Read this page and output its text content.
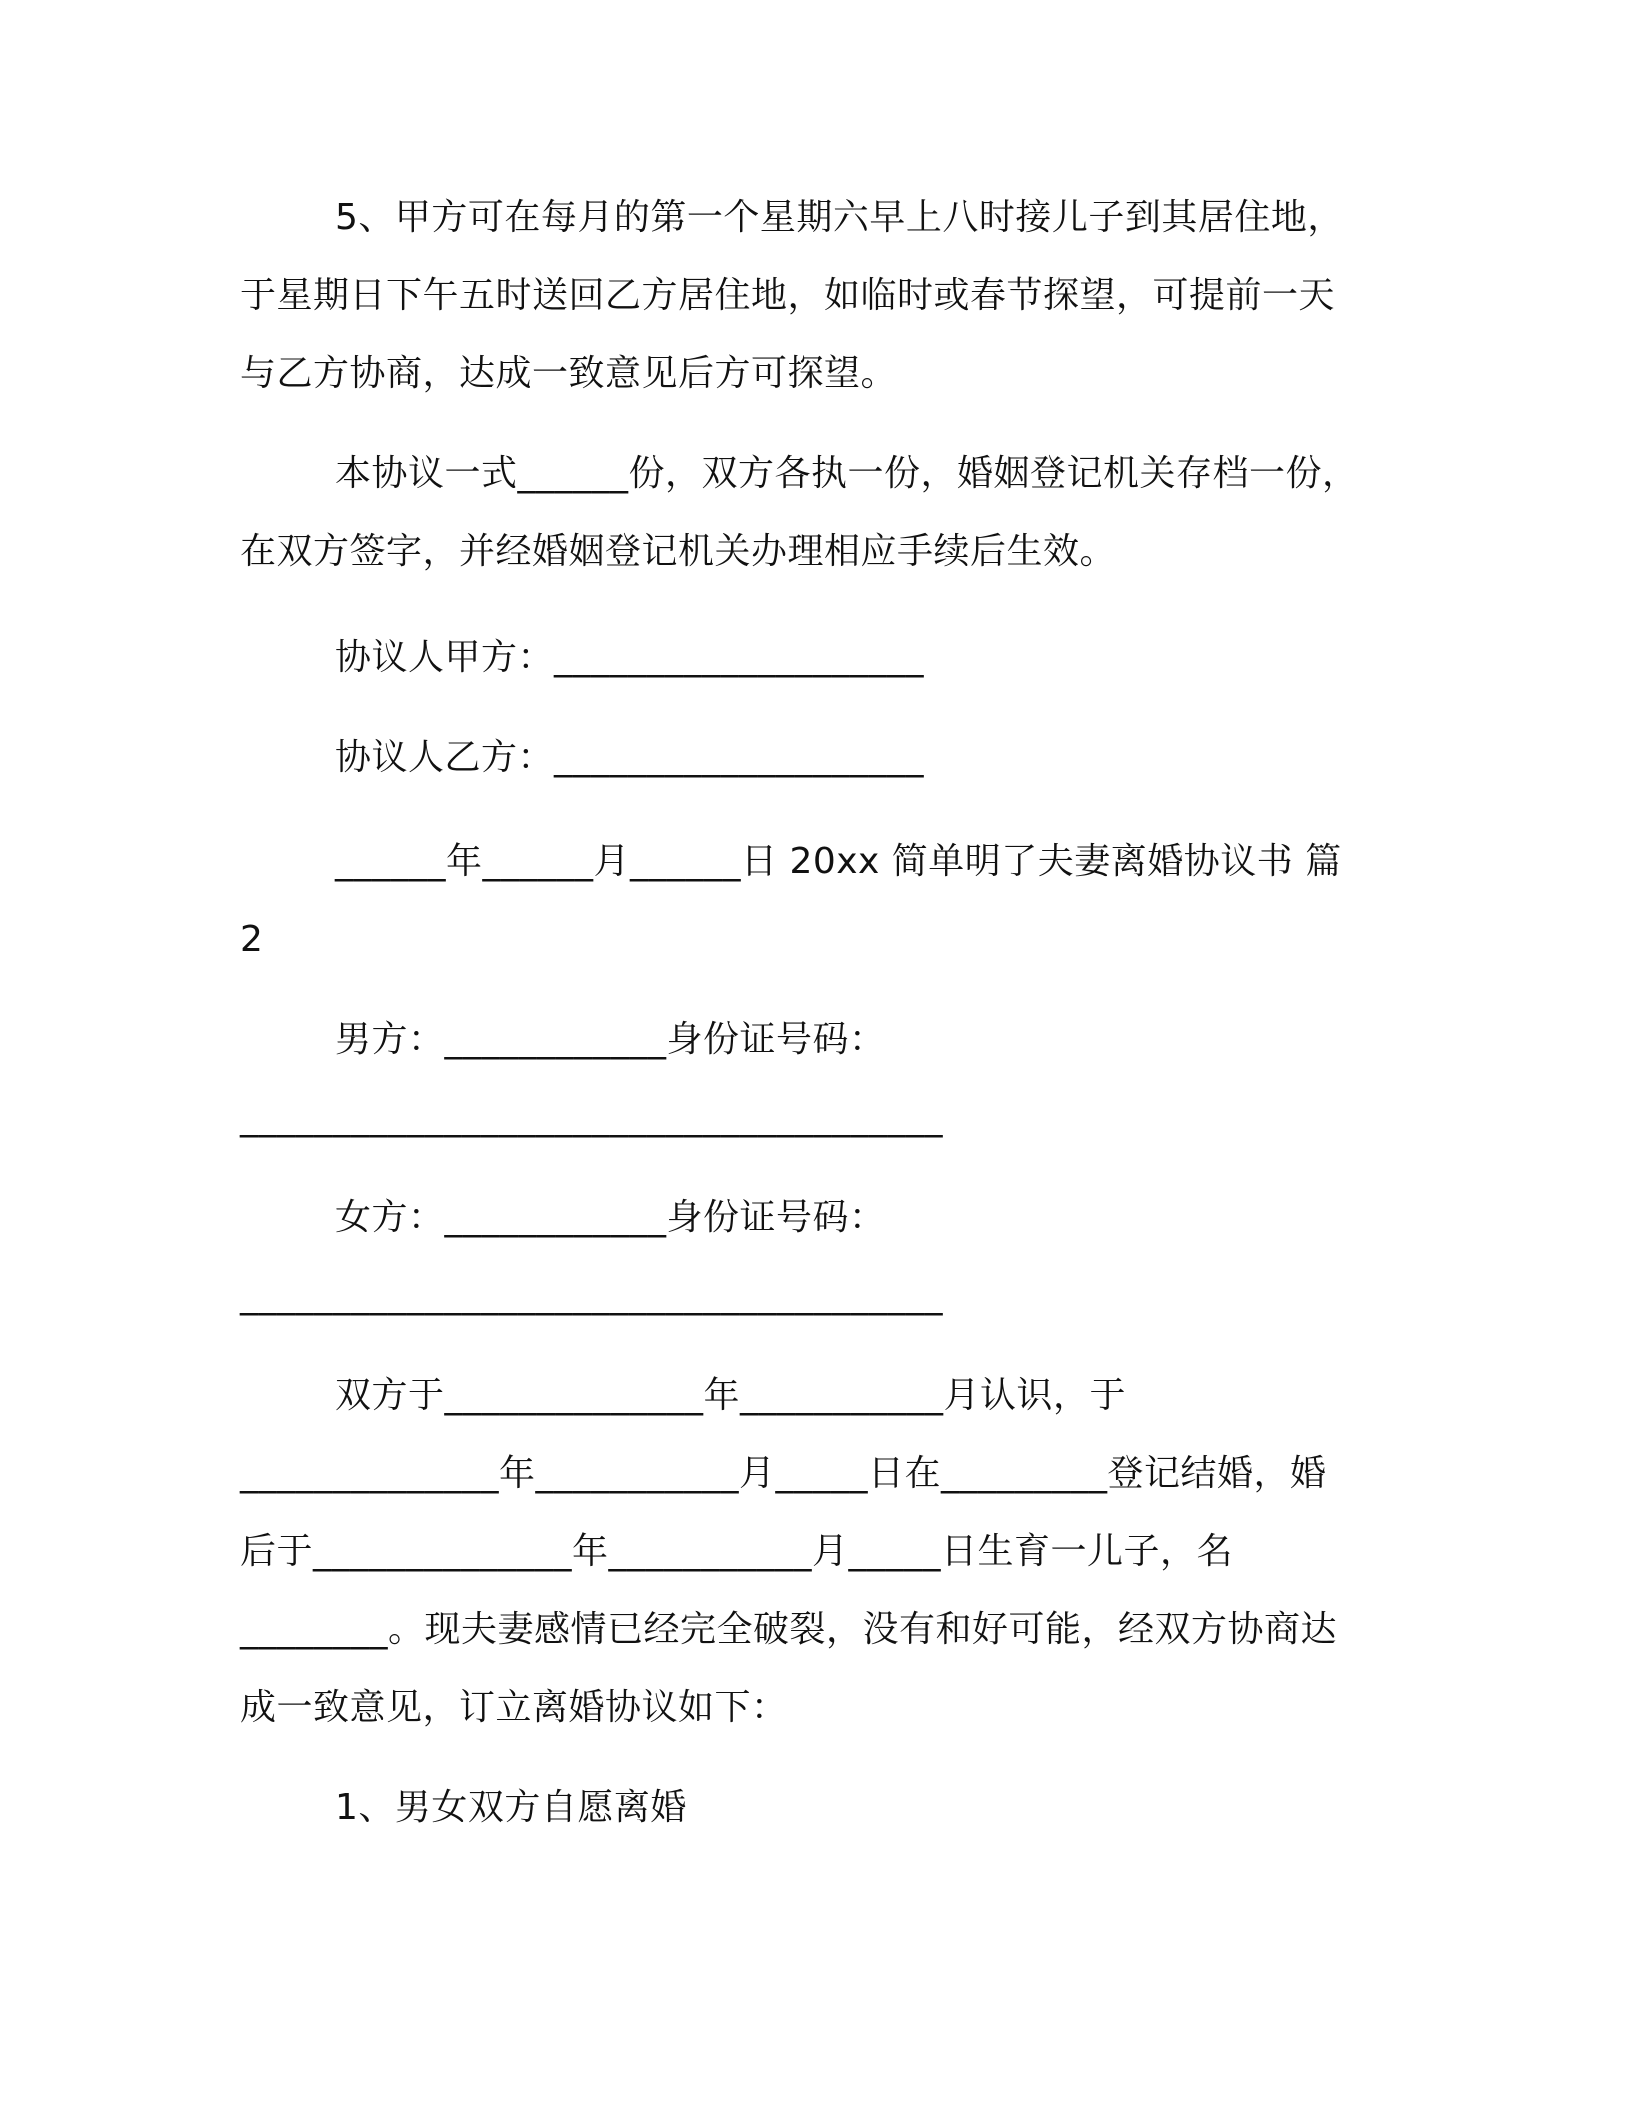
5、甲方可在每月的第一个星期六早上八时接儿子到其居住地，
于星期日下午五时送回乙方居住地，如临时或春节探望，可提前一天
与乙方协商，达成一致意见后方可探望。
本协议一式______份，双方各执一份，婚姻登记机关存档一份，
在双方签字，并经婚姻登记机关办理相应手续后生效。
协议人甲方：____________________
协议人乙方：____________________
______年______月______日 20xx 简单明了夫妻离婚协议书 篇
2
男方：____________身份证号码：
______________________________________
女方：____________身份证号码：
______________________________________
双方于______________年___________月认识，于
______________年___________月_____日在_________登记结婚，婚
后于______________年___________月_____日生育一儿子，名
________。现夫妻感情已经完全破裂，没有和好可能，经双方协商达
成一致意见，订立离婚协议如下：
1、男女双方自愿离婚
